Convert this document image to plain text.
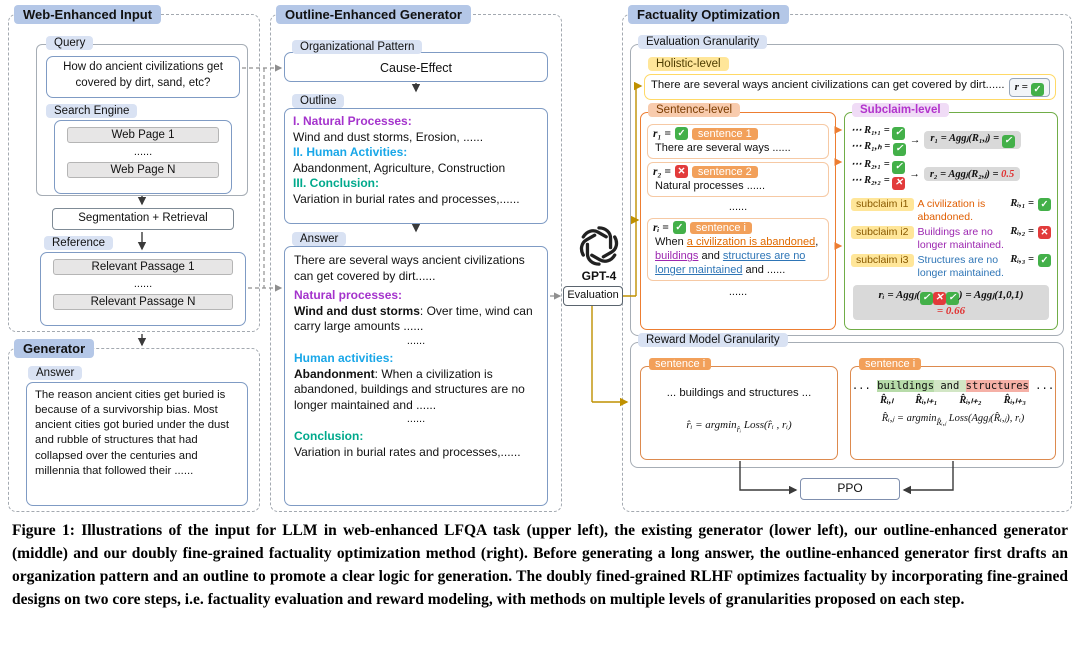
Web-Enhanced Input
Query
How do ancient civilizations get covered by dirt, sand, etc?
Search Engine
Web Page 1
......
Web Page N
Segmentation + Retrieval
Reference
Relevant Passage 1
......
Relevant Passage N
Generator
Answer
The reason ancient cities get buried is because of a survivorship bias. Most ancient cities got buried under the dust and rubble of structures that had collapsed over the centuries and millennia that followed their ......
Outline-Enhanced Generator
Organizational Pattern
Cause-Effect
Outline
I. Natural Processes:
Wind and dust storms, Erosion, ......
II. Human Activities:
Abandonment, Agriculture, Construction
III. Conclusion:
Variation in burial rates and processes,......
Answer
There are several ways ancient civilizations can get covered by dirt......
Natural processes:
Wind and dust storms: Over time, wind can carry large amounts ......
......
Human activities:
Abandonment: When a civilization is abandoned, buildings and structures are no longer maintained and ......
......
Conclusion:
Variation in burial rates and processes,......
GPT-4
Evaluation
Factuality Optimization
Evaluation Granularity
Holistic-level
There are several ways ancient civilizations can get covered by dirt...... r = ✓
Sentence-level
r₁ = ✓	sentence 1
There are several ways ......
r₂ = ✕	sentence 2
Natural processes ......
......
rᵢ = ✓	sentence i
When a civilization is abandoned, buildings and structures are no longer maintained and ......
......
Subclaim-level
⋯ R₁,₁ = ✓
⋯ R₁,ₕ = ✓
→ r₁ = Aggⱼ(R₁,ⱼ) = ✓
⋯ R₂,₁ = ✓
⋯ R₂,₂ = ✕
→ r₂ = Aggⱼ(R₂,ⱼ) = 0.5
subclaim i1 A civilization is abandoned.
Rᵢ,₁ = ✓
subclaim i2 Buildings are no longer maintained.
Rᵢ,₂ = ✕
subclaim i3 Structures are no longer maintained.
Rᵢ,₃ = ✓
rᵢ = Aggⱼ( ✓ ✕ ✓ ) = Aggⱼ(1,0,1)
= 0.66
Reward Model Granularity
sentence i
... buildings and structures ...
r̂ᵢ = argmin$_{r̂ᵢ}$ Loss(r̂ᵢ , rᵢ)
sentence i
... buildings and structures ...
R̂ᵢ,ₗ R̂ᵢ,ₗ₊₁ R̂ᵢ,ₗ₊₂ R̂ᵢ,ₗ₊₃
R̂ᵢ,ⱼ = argmin$_{R̂ᵢ,ⱼ}$ Loss(Aggⱼ(R̂ᵢ,ⱼ), rᵢ)
PPO
Figure 1: Illustrations of the input for LLM in web-enhanced LFQA task (upper left), the existing generator (lower left), our outline-enhanced generator (middle) and our doubly fine-grained factuality optimization method (right). Before generating a long answer, the outline-enhanced generator first drafts an organization pattern and an outline to promote a clear logic for generation. The doubly fined-grained RLHF optimizes factuality by incorporating fine-grained designs on two core steps, i.e. factuality evaluation and reward modeling, with methods on multiple levels of granularities proposed on each step.
